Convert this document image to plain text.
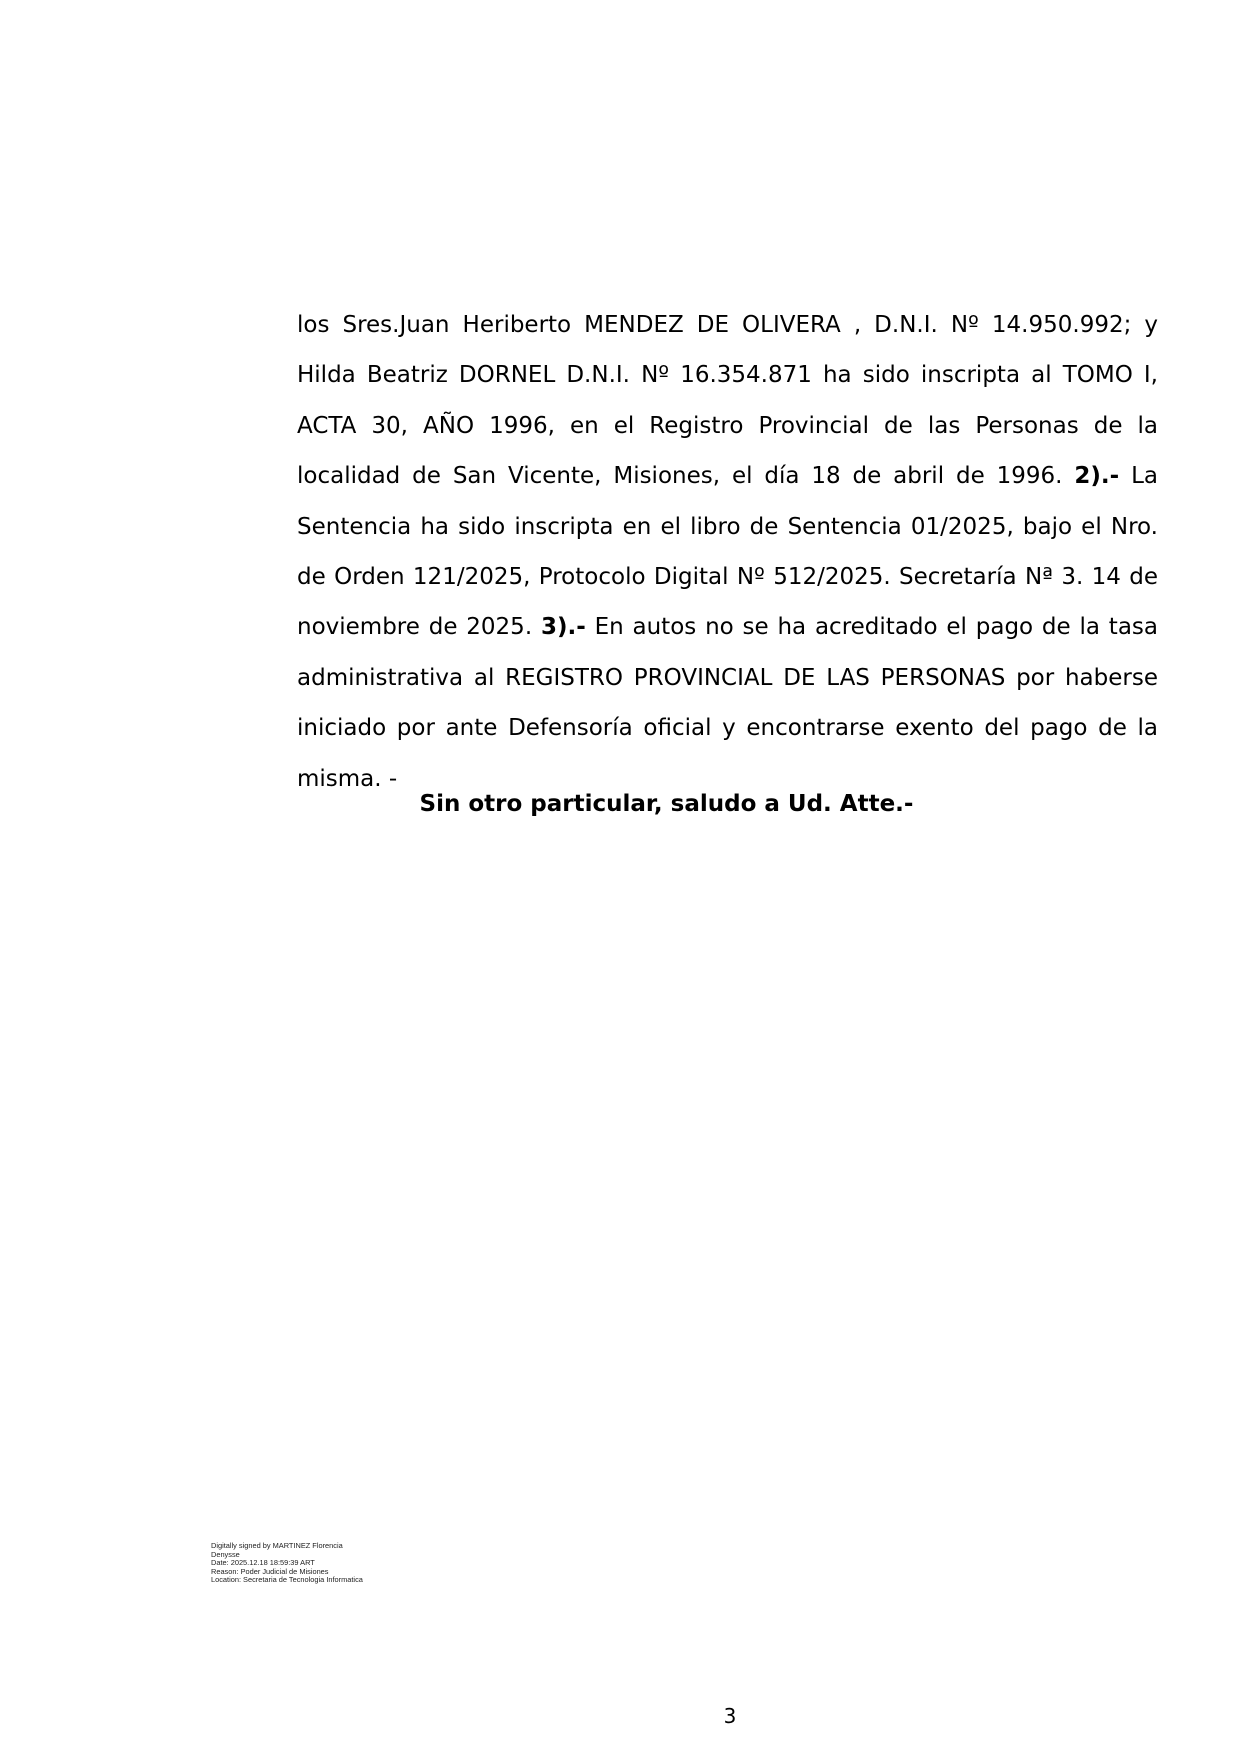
los Sres.Juan Heriberto MENDEZ DE OLIVERA , D.N.I. Nº 14.950.992; y Hilda Beatriz DORNEL D.N.I. Nº 16.354.871 ha sido inscripta al TOMO I, ACTA 30, AÑO 1996, en el Registro Provincial de las Personas de la localidad de San Vicente, Misiones, el día 18 de abril de 1996. 2).- La Sentencia ha sido inscripta en el libro de Sentencia 01/2025, bajo el Nro. de Orden 121/2025, Protocolo Digital Nº 512/2025. Secretaría Nª 3. 14 de noviembre de 2025. 3).- En autos no se ha acreditado el pago de la tasa administrativa al REGISTRO PROVINCIAL DE LAS PERSONAS por haberse iniciado por ante Defensoría oficial y encontrarse exento del pago de la misma. -

Sin otro particular, saludo a Ud. Atte.-

Digitally signed by MARTINEZ Florencia Denysse
Date: 2025.12.18 18:59:39 ART
Reason: Poder Judicial de Misiones
Location: Secretaria de Tecnologia Informatica
3
